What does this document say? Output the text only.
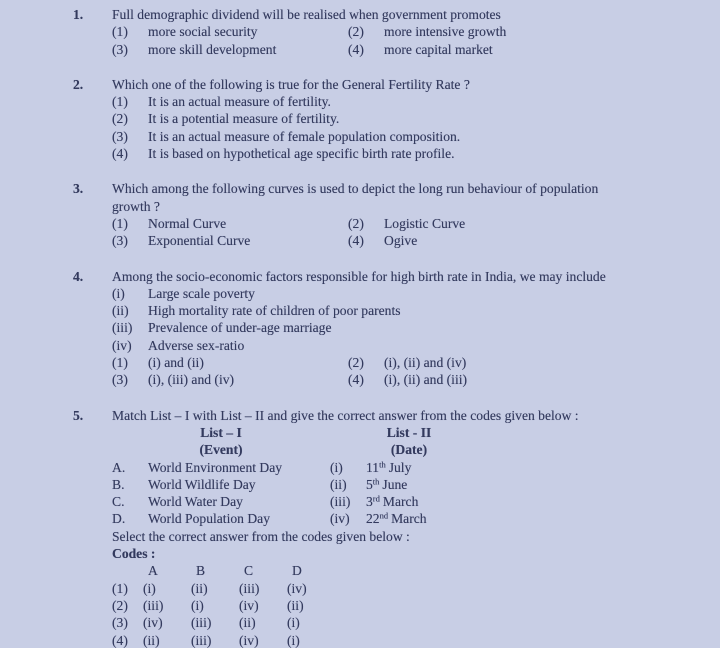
1.	Full demographic dividend will be realised when government promotes
(1)	more social security	(2)	more intensive growth
(3)	more skill development	(4)	more capital market
2.	Which one of the following is true for the General Fertility Rate ?
(1)	It is an actual measure of fertility.
(2)	It is a potential measure of fertility.
(3)	It is an actual measure of female population composition.
(4)	It is based on hypothetical age specific birth rate profile.
3.	Which among the following curves is used to depict the long run behaviour of population
growth ?
(1)	Normal Curve	(2)	Logistic Curve
(3)	Exponential Curve	(4)	Ogive
4.	Among the socio-economic factors responsible for high birth rate in India, we may include
(i)	Large scale poverty
(ii)	High mortality rate of children of poor parents
(iii)	Prevalence of under-age marriage
(iv)	Adverse sex-ratio
(1)	(i) and (ii)	(2)	(i), (ii) and (iv)
(3)	(i), (iii) and (iv)	(4)	(i), (ii) and (iii)
5.	Match List – I with List – II and give the correct answer from the codes given below :
List – I	List - II
(Event)	(Date)
A.	World Environment Day	(i)	11th July
B.	World Wildlife Day	(ii)	5th June
C.	World Water Day	(iii)	3rd March
D.	World Population Day	(iv)	22nd March
Select the correct answer from the codes given below :
Codes :
A	B	C	D
(1)	(i)	(ii)	(iii)	(iv)
(2)	(iii)	(i)	(iv)	(ii)
(3)	(iv)	(iii)	(ii)	(i)
(4)	(ii)	(iii)	(iv)	(i)
